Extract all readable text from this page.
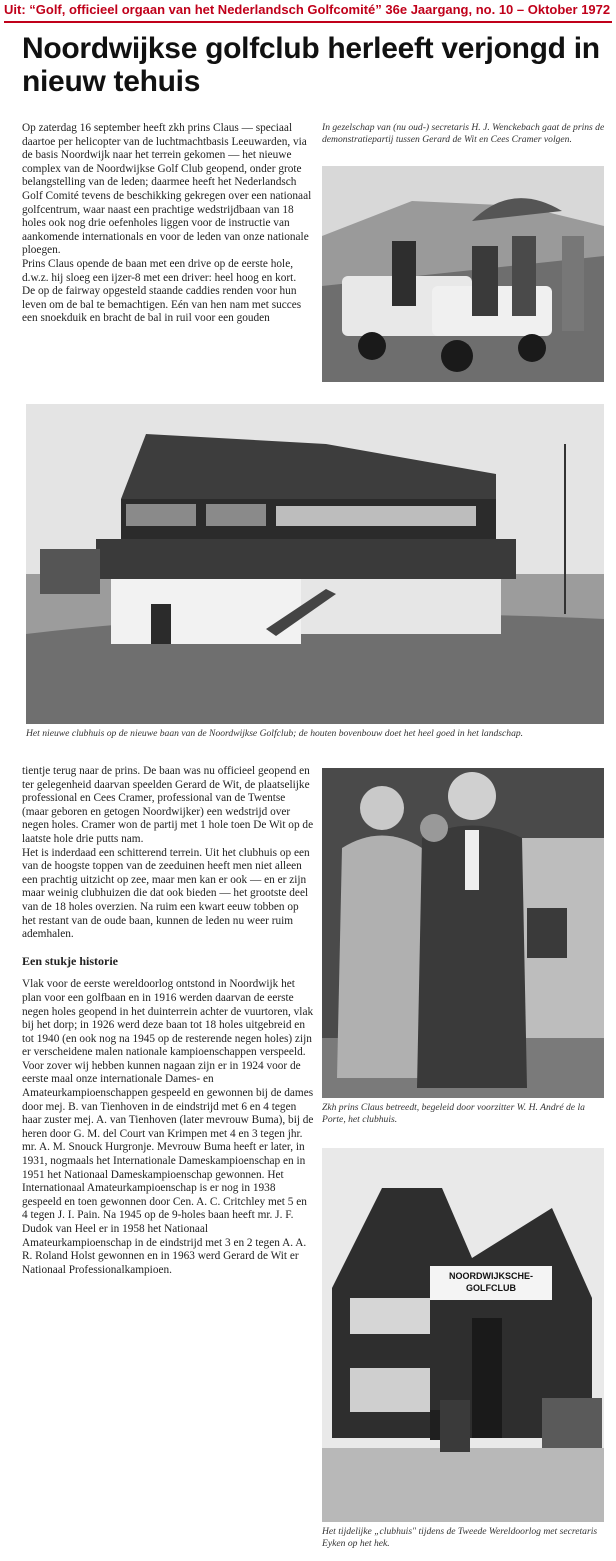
Uit: “Golf, officieel orgaan van het Nederlandsch Golfcomité” 36e Jaargang, no. 10 – Oktober 1972
Noordwijkse golfclub herleeft verjongd in nieuw tehuis

Op zaterdag 16 september heeft zkh prins Claus — speciaal daartoe per helicopter van de luchtmachtbasis Leeuwarden, via de basis Noordwijk naar het terrein gekomen — het nieuwe complex van de Noordwijkse Golf Club geopend, onder grote belangstelling van de leden; daarmee heeft het Nederlandsch Golf Comité tevens de beschikking gekregen over een nationaal golfcentrum, waar naast een prachtige wedstrijdbaan van 18 holes ook nog drie oefenholes liggen voor de instructie van aankomende internationals en voor de leden van onze nationale ploegen.

Prins Claus opende de baan met een drive op de eerste hole, d.w.z. hij sloeg een ijzer-8 met een driver: heel hoog en kort. De op de fairway opgesteld staande caddies renden voor hun leven om de bal te bemachtigen. Eén van hen nam met succes een snoekduik en bracht de bal in ruil voor een gouden

In gezelschap van (nu oud-) secretaris H. J. Wenckebach gaat de prins de demonstratiepartij tussen Gerard de Wit en Cees Cramer volgen.
Het nieuwe clubhuis op de nieuwe baan van de Noordwijkse Golfclub; de houten bovenbouw doet het heel goed in het landschap.

tientje terug naar de prins. De baan was nu officieel geopend en ter gelegenheid daarvan speelden Gerard de Wit, de plaatselijke professional en Cees Cramer, professional van de Twentse (maar geboren en getogen Noordwijker) een wedstrijd over negen holes. Cramer won de partij met 1 hole toen De Wit op de laatste hole drie putts nam.

Het is inderdaad een schitterend terrein. Uit het clubhuis op een van de hoogste toppen van de zeeduinen heeft men niet alleen een prachtig uitzicht op zee, maar men kan er ook — en er zijn maar weinig clubhuizen die dat ook bieden — het grootste deel van de 18 holes overzien. Na ruim een kwart eeuw tobben op het restant van de oude baan, kunnen de leden nu weer ruim ademhalen.

Een stukje historie

Vlak voor de eerste wereldoorlog ontstond in Noordwijk het plan voor een golfbaan en in 1916 werden daarvan de eerste negen holes geopend in het duinterrein achter de vuurtoren, vlak bij het dorp; in 1926 werd deze baan tot 18 holes uitgebreid en tot 1940 (en ook nog na 1945 op de resterende negen holes) zijn er verscheidene malen nationale kampioenschappen verspeeld.

Voor zover wij hebben kunnen nagaan zijn er in 1924 voor de eerste maal onze internationale Dames- en Amateurkampioenschappen gespeeld en gewonnen bij de dames door mej. B. van Tienhoven in de eindstrijd met 6 en 4 tegen haar zuster mej. A. van Tienhoven (later mevrouw Buma), bij de heren door G. M. del Court van Krimpen met 4 en 3 tegen jhr. mr. A. M. Snouck Hurgronje. Mevrouw Buma heeft er later, in 1931, nogmaals het Internationale Dameskampioenschap en in 1951 het Nationaal Dameskampioenschap gewonnen. Het Internationaal Amateurkampioenschap is er nog in 1938 gespeeld en toen gewonnen door Cen. A. C. Critchley met 5 en 4 tegen J. I. Pain. Na 1945 op de 9-holes baan heeft mr. J. F. Dudok van Heel er in 1958 het Nationaal Amateurkampioenschap in de eindstrijd met 3 en 2 tegen A. A. R. Roland Holst gewonnen en in 1963 werd Gerard de Wit er Nationaal Professionalkampioen.

Zkh prins Claus betreedt, begeleid door voorzitter W. H. André de la Porte, het clubhuis.
NOORDWIJKSCHE-
GOLFCLUB
Het tijdelijke „clubhuis" tijdens de Tweede Wereldoorlog met secretaris Eyken op het hek.
